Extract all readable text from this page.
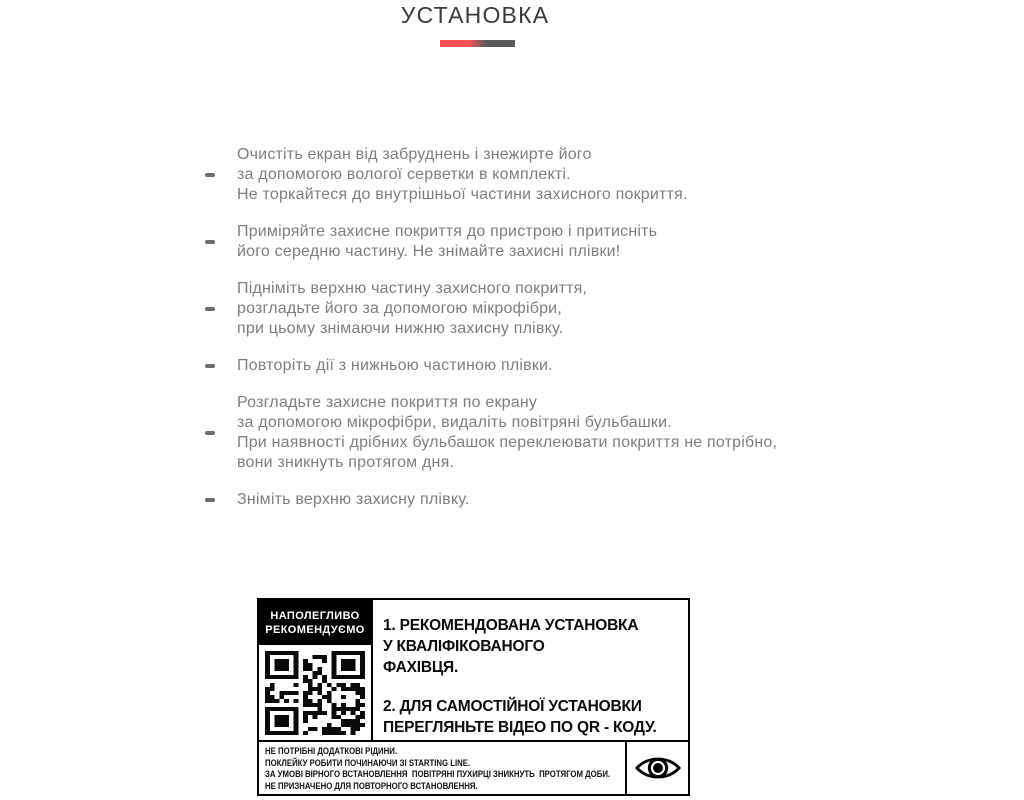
УСТАНОВКА
Очистіть екран від забруднень і знежирте його
за допомогою вологої серветки в комплекті.
Не торкайтеся до внутрішньої частини захисного покриття.
Приміряйте захисне покриття до пристрою і притисніть
його середню частину. Не знімайте захисні плівки!
Підніміть верхню частину захисного покриття,
розгладьте його за допомогою мікрофібри,
при цьому знімаючи нижню захисну плівку.
Повторіть дії з нижньою частиною плівки.
Розгладьте захисне покриття по екрану
за допомогою мікрофібри, видаліть повітряні бульбашки.
При наявності дрібних бульбашок переклеювати покриття не потрібно,
вони зникнуть протягом дня.
Зніміть верхню захисну плівку.
НАПОЛЕГЛИВО
РЕКОМЕНДУЄМО	1. РЕКОМЕНДОВАНА УСТАНОВКА
У КВАЛІФІКОВАНОГО
ФАХІВЦЯ.
2. ДЛЯ САМОСТІЙНОЇ УСТАНОВКИ
ПЕРЕГЛЯНЬТЕ ВІДЕО ПО QR - КОДУ.
НЕ ПОТРІБНІ ДОДАТКОВІ РІДИНИ.
ПОКЛЕЙКУ РОБИТИ ПОЧИНАЮЧИ ЗІ STARTING LINE.
ЗА УМОВІ ВІРНОГО ВСТАНОВЛЕННЯ  ПОВІТРЯНІ ПУХИРЦІ ЗНИКНУТЬ  ПРОТЯГОМ ДОБИ.
НЕ ПРИЗНАЧЕНО ДЛЯ ПОВТОРНОГО ВСТАНОВЛЕННЯ.
